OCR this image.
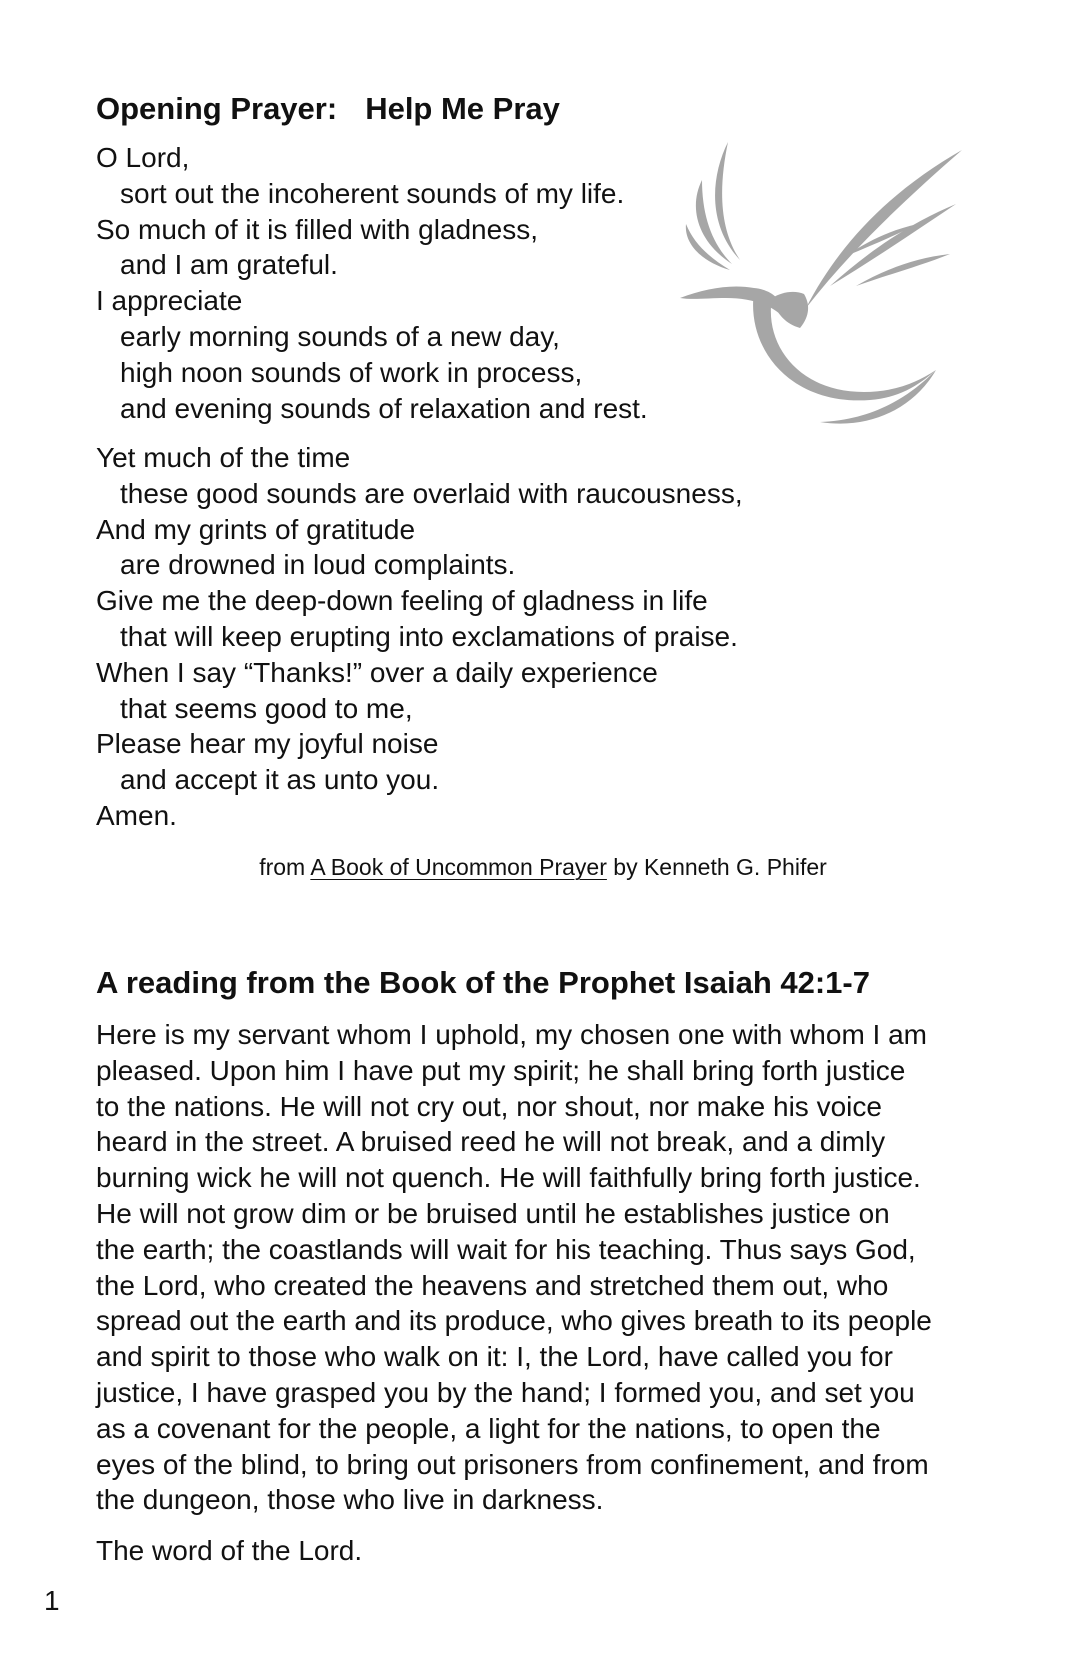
Opening Prayer: Help Me Pray
O Lord,
sort out the incoherent sounds of my life.
So much of it is filled with gladness,
and I am grateful.
I appreciate
early morning sounds of a new day,
high noon sounds of work in process,
and evening sounds of relaxation and rest.
Yet much of the time
these good sounds are overlaid with raucousness,
And my grints of gratitude
are drowned in loud complaints.
Give me the deep-down feeling of gladness in life
that will keep erupting into exclamations of praise.
When I say “Thanks!” over a daily experience
that seems good to me,
Please hear my joyful noise
and accept it as unto you.
Amen.
from A Book of Uncommon Prayer by Kenneth G. Phifer
A reading from the Book of the Prophet Isaiah 42:1-7
Here is my servant whom I uphold, my chosen one with whom I am
pleased. Upon him I have put my spirit; he shall bring forth justice
to the nations. He will not cry out, nor shout, nor make his voice
heard in the street. A bruised reed he will not break, and a dimly
burning wick he will not quench. He will faithfully bring forth justice.
He will not grow dim or be bruised until he establishes justice on
the earth; the coastlands will wait for his teaching. Thus says God,
the Lord, who created the heavens and stretched them out, who
spread out the earth and its produce, who gives breath to its people
and spirit to those who walk on it: I, the Lord, have called you for
justice, I have grasped you by the hand; I formed you, and set you
as a covenant for the people, a light for the nations, to open the
eyes of the blind, to bring out prisoners from confinement, and from
the dungeon, those who live in darkness.

The word of the Lord.

1
